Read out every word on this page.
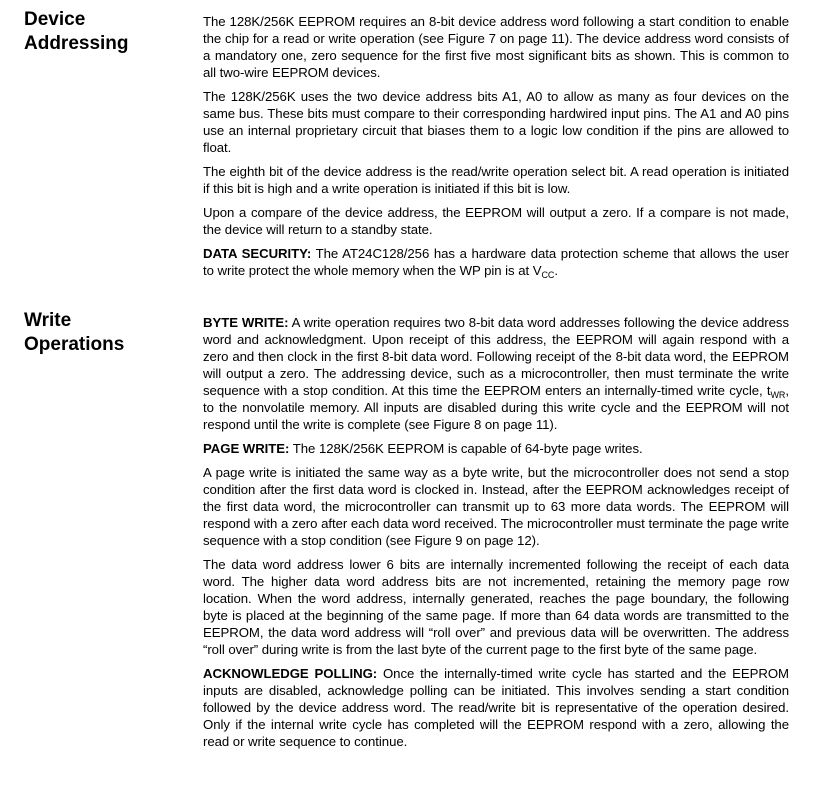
Device
Addressing

The 128K/256K EEPROM requires an 8-bit device address word following a start condition to enable the chip for a read or write operation (see Figure 7 on page 11). The device address word consists of a mandatory one, zero sequence for the first five most significant bits as shown. This is common to all two-wire EEPROM devices.

The 128K/256K uses the two device address bits A1, A0 to allow as many as four devices on the same bus. These bits must compare to their corresponding hardwired input pins. The A1 and A0 pins use an internal proprietary circuit that biases them to a logic low condition if the pins are allowed to float.

The eighth bit of the device address is the read/write operation select bit. A read operation is initiated if this bit is high and a write operation is initiated if this bit is low.

Upon a compare of the device address, the EEPROM will output a zero. If a compare is not made, the device will return to a standby state.

DATA SECURITY: The AT24C128/256 has a hardware data protection scheme that allows the user to write protect the whole memory when the WP pin is at $V_{CC}$.

Write
Operations

BYTE WRITE: A write operation requires two 8-bit data word addresses following the device address word and acknowledgment. Upon receipt of this address, the EEPROM will again respond with a zero and then clock in the first 8-bit data word. Following receipt of the 8-bit data word, the EEPROM will output a zero. The addressing device, such as a microcontroller, then must terminate the write sequence with a stop condition. At this time the EEPROM enters an internally-timed write cycle, $t_{WR}$, to the nonvolatile memory. All inputs are disabled during this write cycle and the EEPROM will not respond until the write is complete (see Figure 8 on page 11).

PAGE WRITE: The 128K/256K EEPROM is capable of 64-byte page writes.

A page write is initiated the same way as a byte write, but the microcontroller does not send a stop condition after the first data word is clocked in. Instead, after the EEPROM acknowledges receipt of the first data word, the microcontroller can transmit up to 63 more data words. The EEPROM will respond with a zero after each data word received. The microcontroller must terminate the page write sequence with a stop condition (see Figure 9 on page 12).

The data word address lower 6 bits are internally incremented following the receipt of each data word. The higher data word address bits are not incremented, retaining the memory page row location. When the word address, internally generated, reaches the page boundary, the following byte is placed at the beginning of the same page. If more than 64 data words are transmitted to the EEPROM, the data word address will “roll over” and previous data will be overwritten. The address “roll over” during write is from the last byte of the current page to the first byte of the same page.

ACKNOWLEDGE POLLING: Once the internally-timed write cycle has started and the EEPROM inputs are disabled, acknowledge polling can be initiated. This involves sending a start condition followed by the device address word. The read/write bit is representative of the operation desired. Only if the internal write cycle has completed will the EEPROM respond with a zero, allowing the read or write sequence to continue.
